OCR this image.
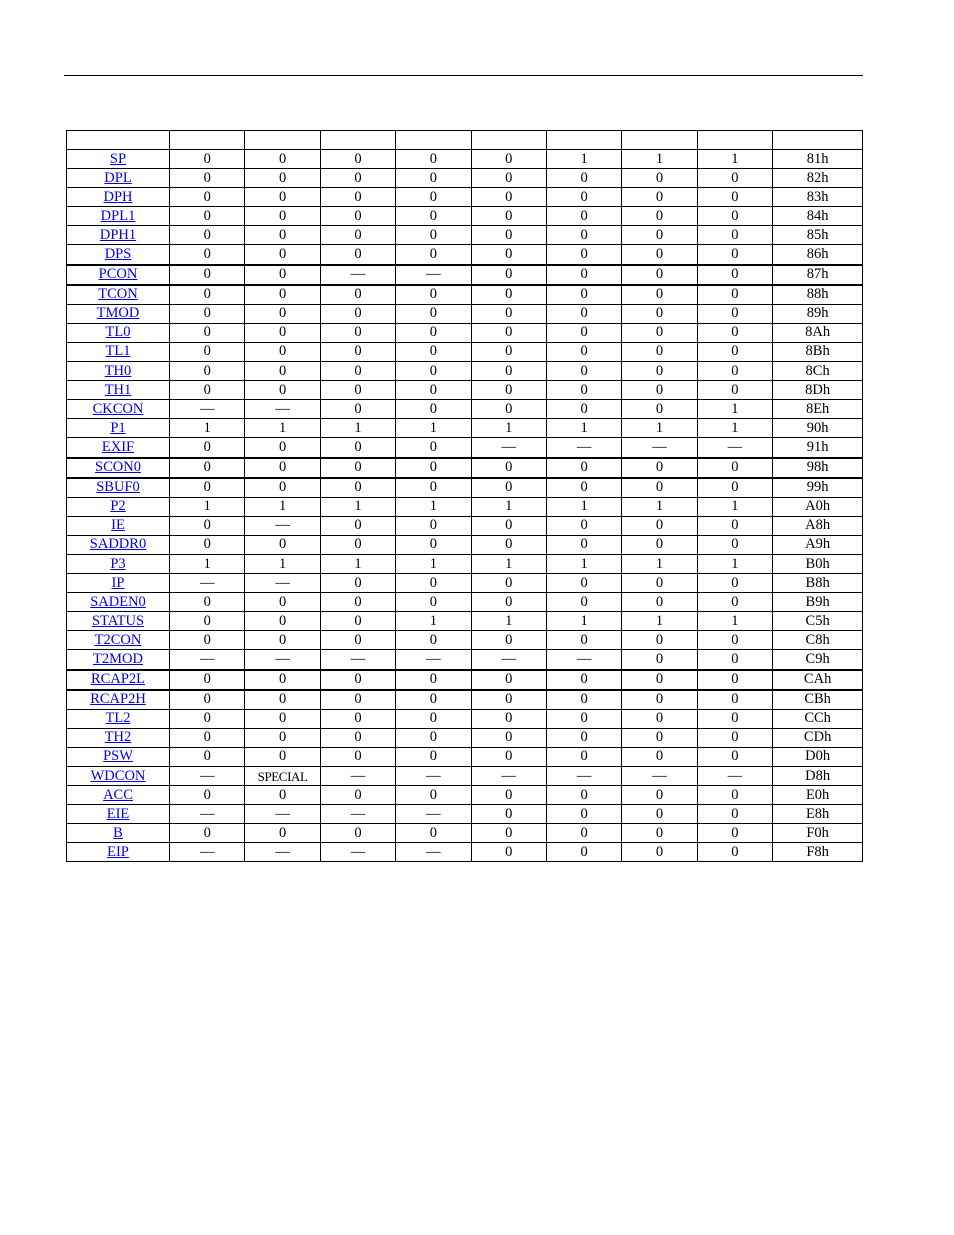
SP	0	0	0	0	0	1	1	1	81h
DPL	0	0	0	0	0	0	0	0	82h
DPH	0	0	0	0	0	0	0	0	83h
DPL1	0	0	0	0	0	0	0	0	84h
DPH1	0	0	0	0	0	0	0	0	85h
DPS	0	0	0	0	0	0	0	0	86h
PCON	0	0	—	—	0	0	0	0	87h
TCON	0	0	0	0	0	0	0	0	88h
TMOD	0	0	0	0	0	0	0	0	89h
TL0	0	0	0	0	0	0	0	0	8Ah
TL1	0	0	0	0	0	0	0	0	8Bh
TH0	0	0	0	0	0	0	0	0	8Ch
TH1	0	0	0	0	0	0	0	0	8Dh
CKCON	—	—	0	0	0	0	0	1	8Eh
P1	1	1	1	1	1	1	1	1	90h
EXIF	0	0	0	0	—	—	—	—	91h
SCON0	0	0	0	0	0	0	0	0	98h
SBUF0	0	0	0	0	0	0	0	0	99h
P2	1	1	1	1	1	1	1	1	A0h
IE	0	—	0	0	0	0	0	0	A8h
SADDR0	0	0	0	0	0	0	0	0	A9h
P3	1	1	1	1	1	1	1	1	B0h
IP	—	—	0	0	0	0	0	0	B8h
SADEN0	0	0	0	0	0	0	0	0	B9h
STATUS	0	0	0	1	1	1	1	1	C5h
T2CON	0	0	0	0	0	0	0	0	C8h
T2MOD	—	—	—	—	—	—	0	0	C9h
RCAP2L	0	0	0	0	0	0	0	0	CAh
RCAP2H	0	0	0	0	0	0	0	0	CBh
TL2	0	0	0	0	0	0	0	0	CCh
TH2	0	0	0	0	0	0	0	0	CDh
PSW	0	0	0	0	0	0	0	0	D0h
WDCON	—	SPECIAL	—	—	—	—	—	—	D8h
ACC	0	0	0	0	0	0	0	0	E0h
EIE	—	—	—	—	0	0	0	0	E8h
B	0	0	0	0	0	0	0	0	F0h
EIP	—	—	—	—	0	0	0	0	F8h
